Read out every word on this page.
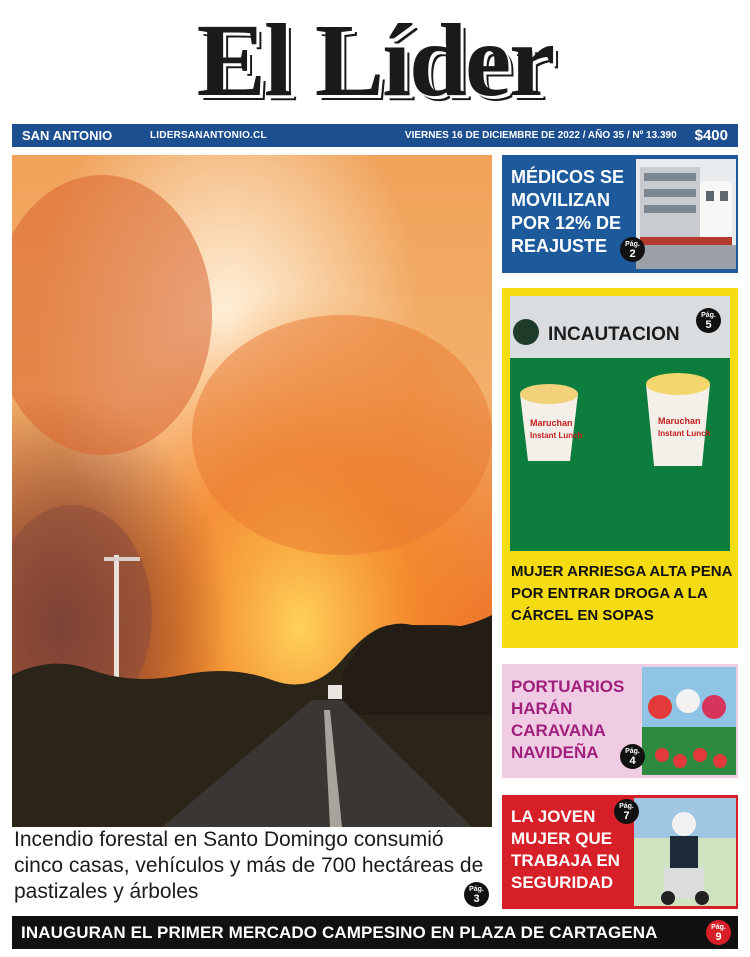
El Líder
SAN ANTONIO	LIDERSANANTONIO.CL	VIERNES 16 DE DICIEMBRE DE 2022 / AÑO 35 / Nº 13.390 $400
Incendio forestal en Santo Domingo consumió cinco casas, vehículos y más de 700 hectáreas de pastizales y árboles	Pág.
3
MÉDICOS SE MOVILIZAN POR 12% DE REAJUSTE	Pág.
2
INCAUTACION
Maruchan
Instant Lunch
Maruchan
Instant Lunch
Pág.
5
MUJER ARRIESGA ALTA PENA POR ENTRAR DROGA A LA CÁRCEL EN SOPAS
PORTUARIOS HARÁN CARAVANA NAVIDEÑA	Pág.
4
LA JOVEN MUJER QUE TRABAJA EN SEGURIDAD
Pág.
7
INAUGURAN EL PRIMER MERCADO CAMPESINO EN PLAZA DE CARTAGENA	Pág.
9
